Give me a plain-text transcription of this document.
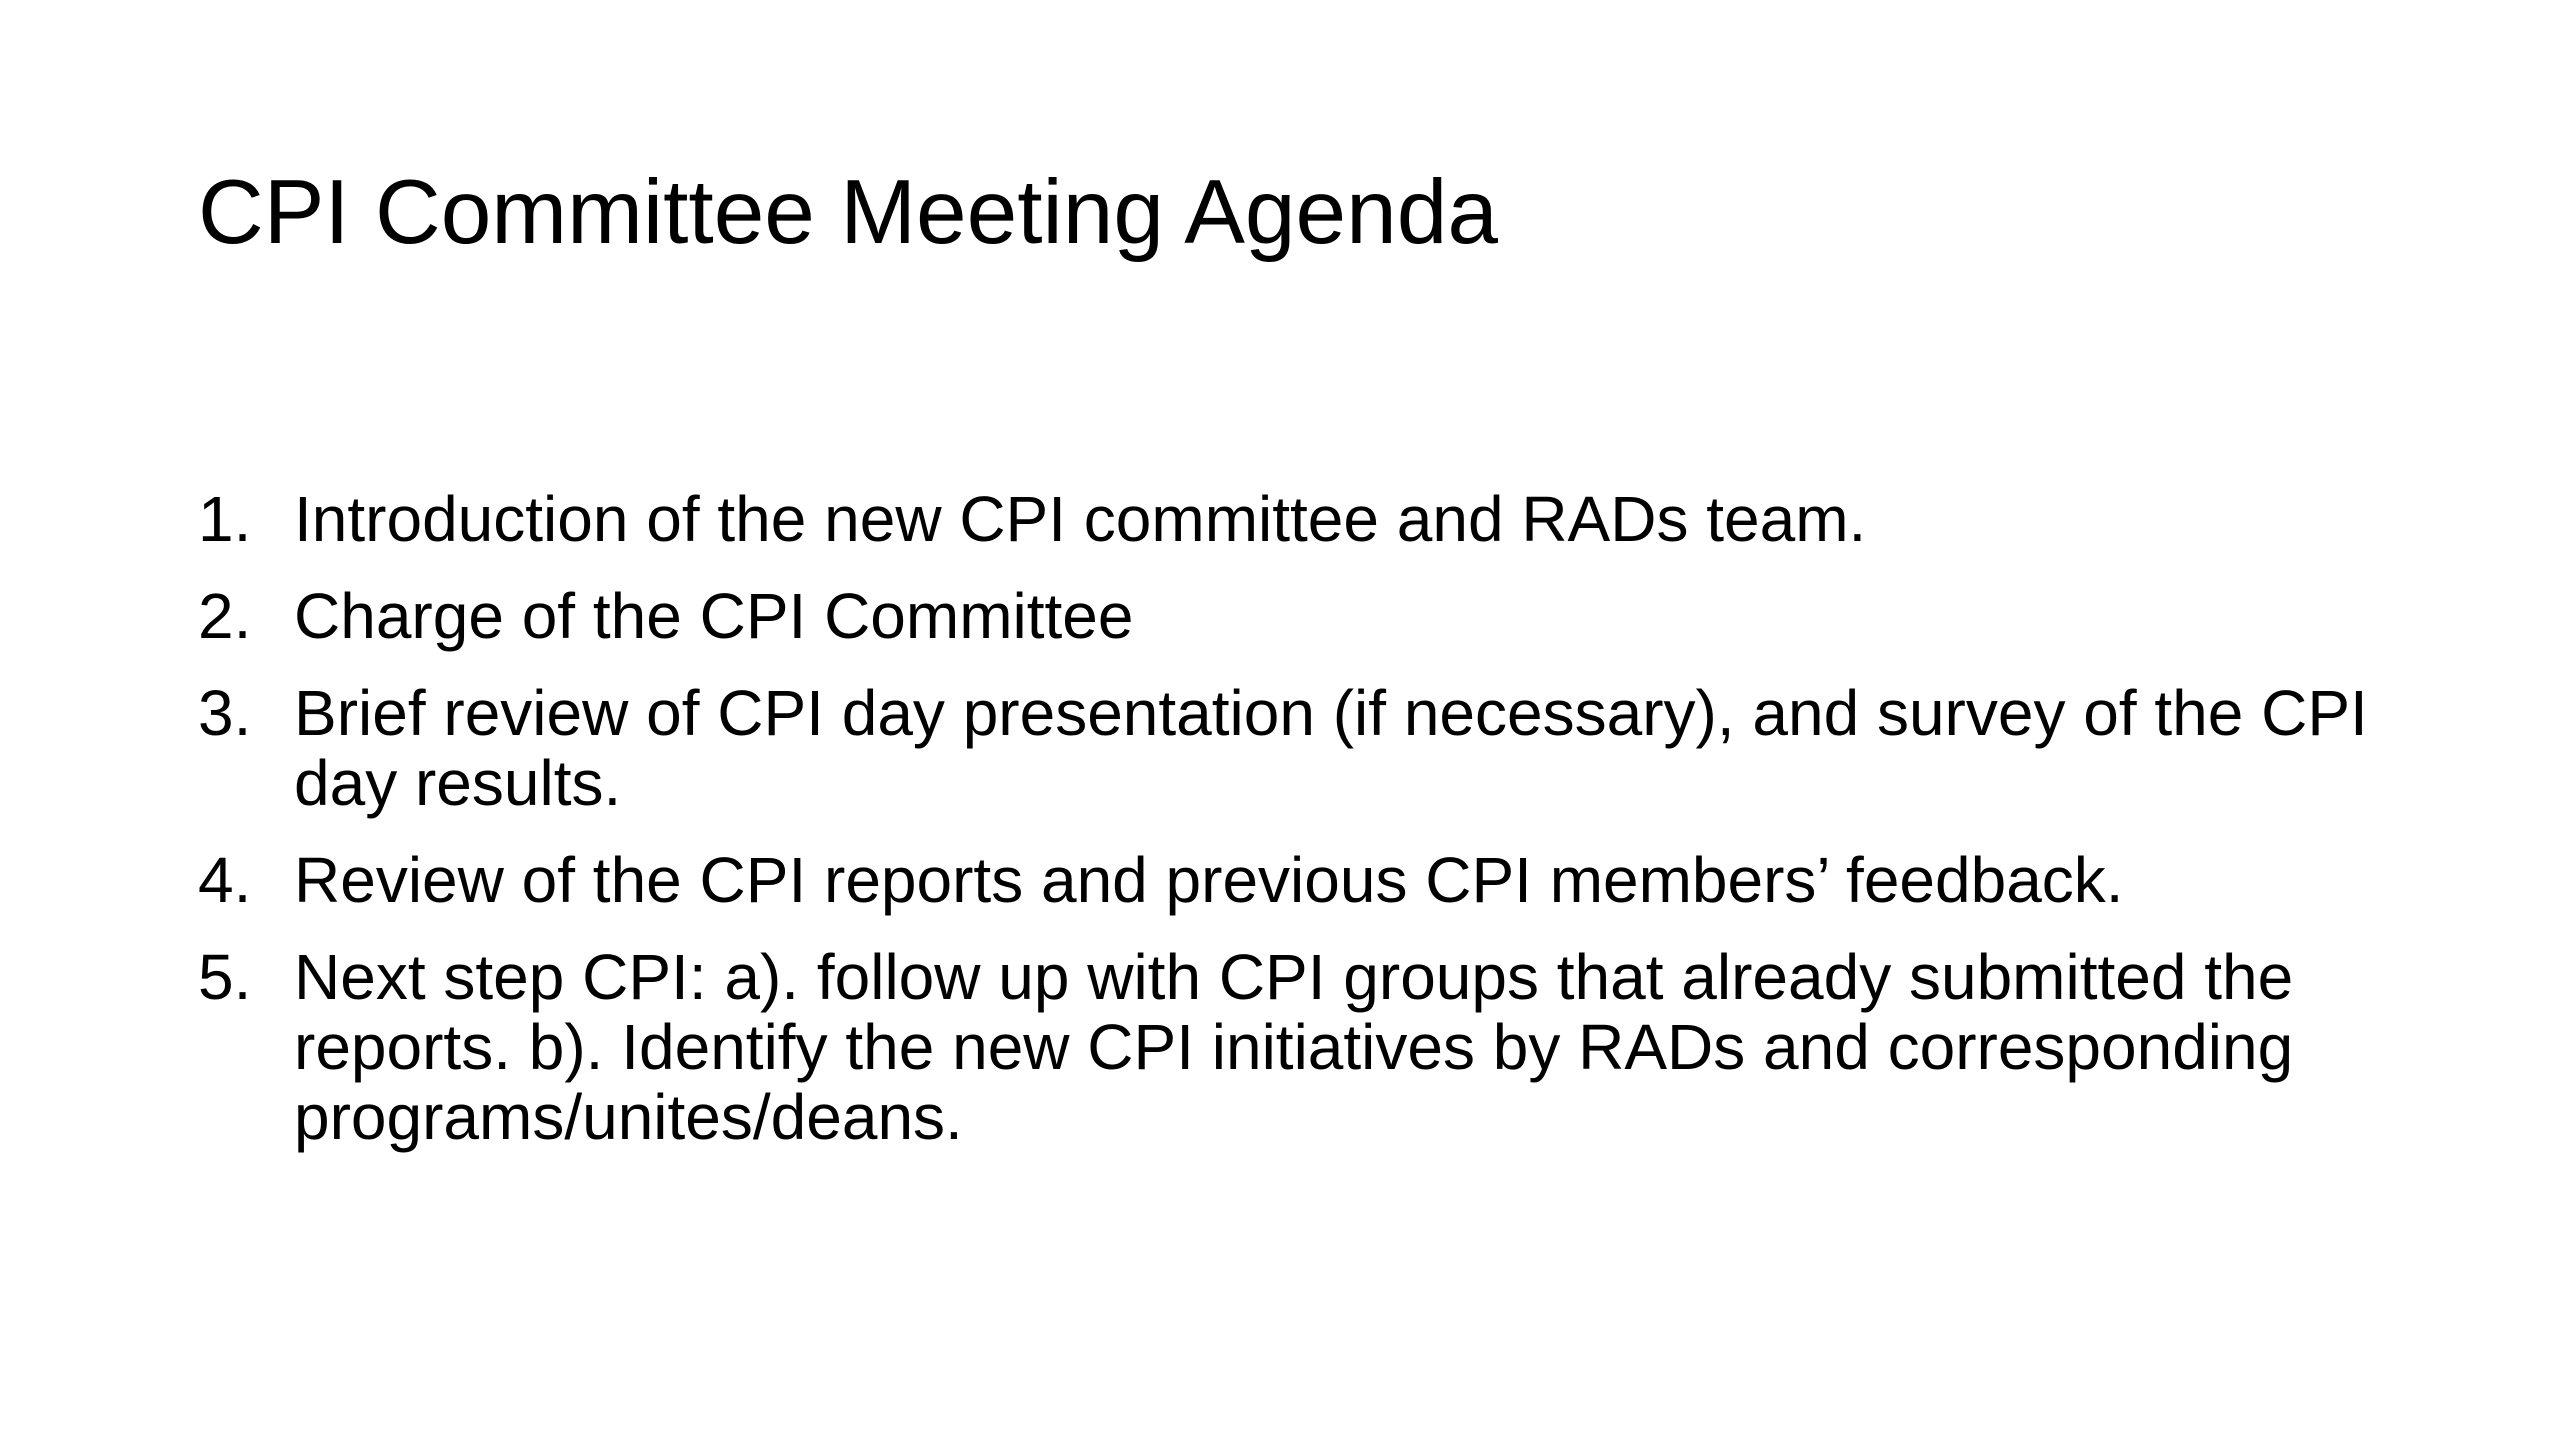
CPI Committee Meeting Agenda
1. Introduction of the new CPI committee and RADs team.
2. Charge of the CPI Committee
3. Brief review of CPI day presentation (if necessary), and survey of the CPI day results.
4. Review of the CPI reports and previous CPI members’ feedback.
5. Next step CPI: a). follow up with CPI groups that already submitted the reports. b). Identify the new CPI initiatives by RADs and corresponding programs/unites/deans.
